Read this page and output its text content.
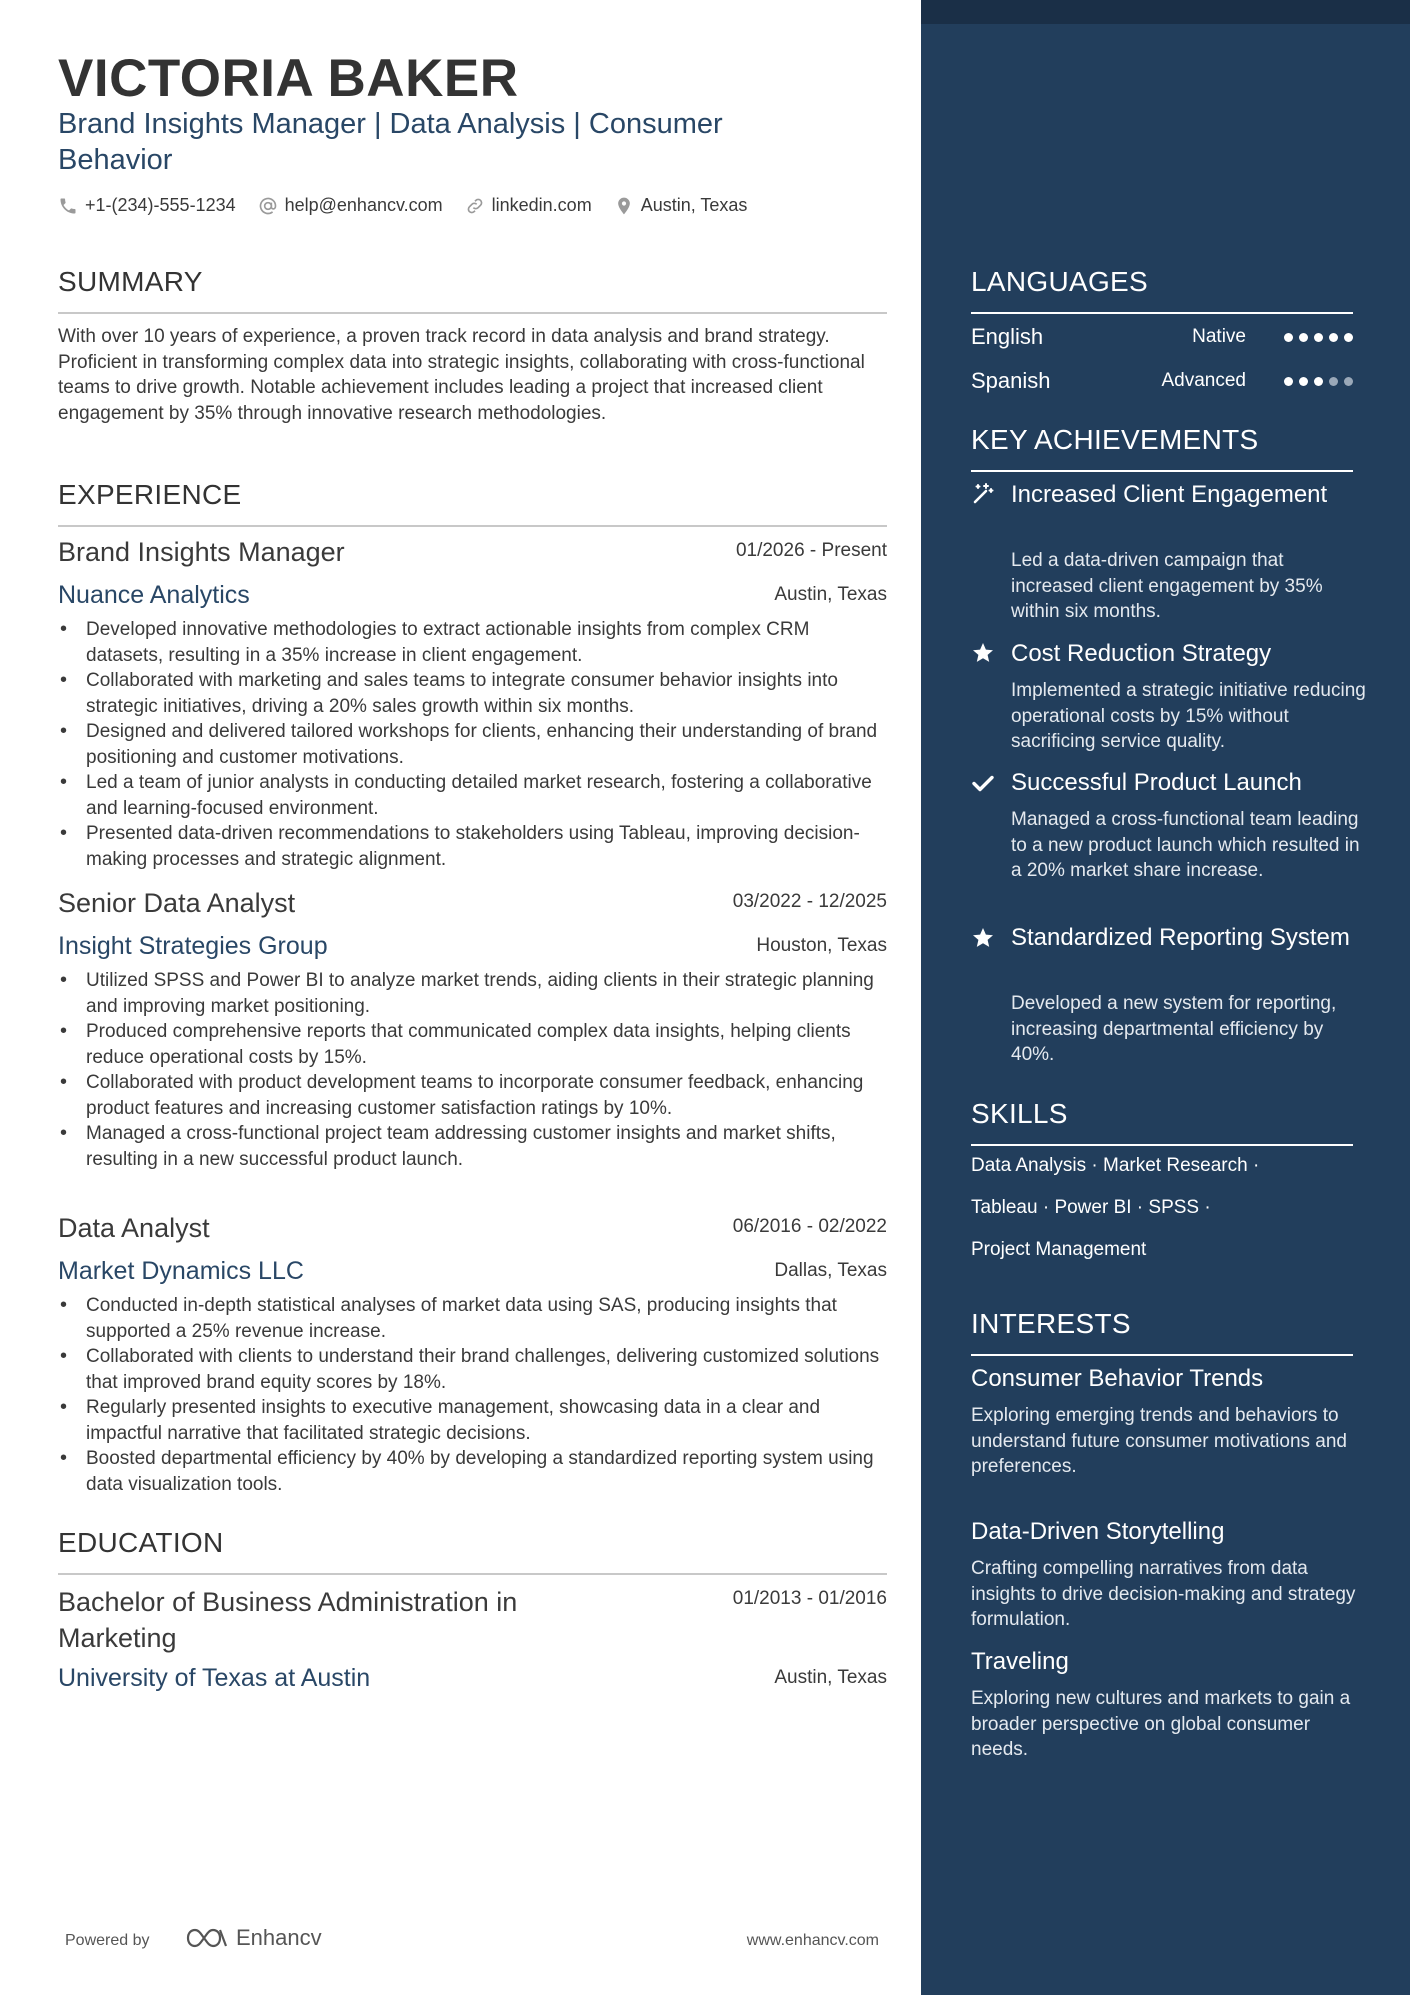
VICTORIA BAKER
Brand Insights Manager | Data Analysis | Consumer Behavior
+1-(234)-555-1234	help@enhancv.com	linkedin.com	Austin, Texas
SUMMARY
With over 10 years of experience, a proven track record in data analysis and brand strategy. Proficient in transforming complex data into strategic insights, collaborating with cross-functional teams to drive growth. Notable achievement includes leading a project that increased client engagement by 35% through innovative research methodologies.
EXPERIENCE
Brand Insights Manager	01/2026 - Present
Nuance Analytics	Austin, Texas
• Developed innovative methodologies to extract actionable insights from complex CRM datasets, resulting in a 35% increase in client engagement.
• Collaborated with marketing and sales teams to integrate consumer behavior insights into strategic initiatives, driving a 20% sales growth within six months.
• Designed and delivered tailored workshops for clients, enhancing their understanding of brand positioning and customer motivations.
• Led a team of junior analysts in conducting detailed market research, fostering a collaborative and learning-focused environment.
• Presented data-driven recommendations to stakeholders using Tableau, improving decision-making processes and strategic alignment.
Senior Data Analyst	03/2022 - 12/2025
Insight Strategies Group	Houston, Texas
• Utilized SPSS and Power BI to analyze market trends, aiding clients in their strategic planning and improving market positioning.
• Produced comprehensive reports that communicated complex data insights, helping clients reduce operational costs by 15%.
• Collaborated with product development teams to incorporate consumer feedback, enhancing product features and increasing customer satisfaction ratings by 10%.
• Managed a cross-functional project team addressing customer insights and market shifts, resulting in a new successful product launch.
Data Analyst	06/2016 - 02/2022
Market Dynamics LLC	Dallas, Texas
• Conducted in-depth statistical analyses of market data using SAS, producing insights that supported a 25% revenue increase.
• Collaborated with clients to understand their brand challenges, delivering customized solutions that improved brand equity scores by 18%.
• Regularly presented insights to executive management, showcasing data in a clear and impactful narrative that facilitated strategic decisions.
• Boosted departmental efficiency by 40% by developing a standardized reporting system using data visualization tools.
EDUCATION
Bachelor of Business Administration in Marketing
01/2013 - 01/2016
University of Texas at Austin	Austin, Texas
Powered by	Enhancv	www.enhancv.com
LANGUAGES
English	Native
Spanish	Advanced
KEY ACHIEVEMENTS
Increased Client Engagement
Led a data-driven campaign that increased client engagement by 35% within six months.
Cost Reduction Strategy
Implemented a strategic initiative reducing operational costs by 15% without sacrificing service quality.
Successful Product Launch
Managed a cross-functional team leading to a new product launch which resulted in a 20% market share increase.
Standardized Reporting System
Developed a new system for reporting, increasing departmental efficiency by 40%.
SKILLS
Data Analysis · Market Research ·
Tableau · Power BI · SPSS ·
Project Management
INTERESTS
Consumer Behavior Trends
Exploring emerging trends and behaviors to understand future consumer motivations and preferences.
Data-Driven Storytelling
Crafting compelling narratives from data insights to drive decision-making and strategy formulation.
Traveling
Exploring new cultures and markets to gain a broader perspective on global consumer needs.
